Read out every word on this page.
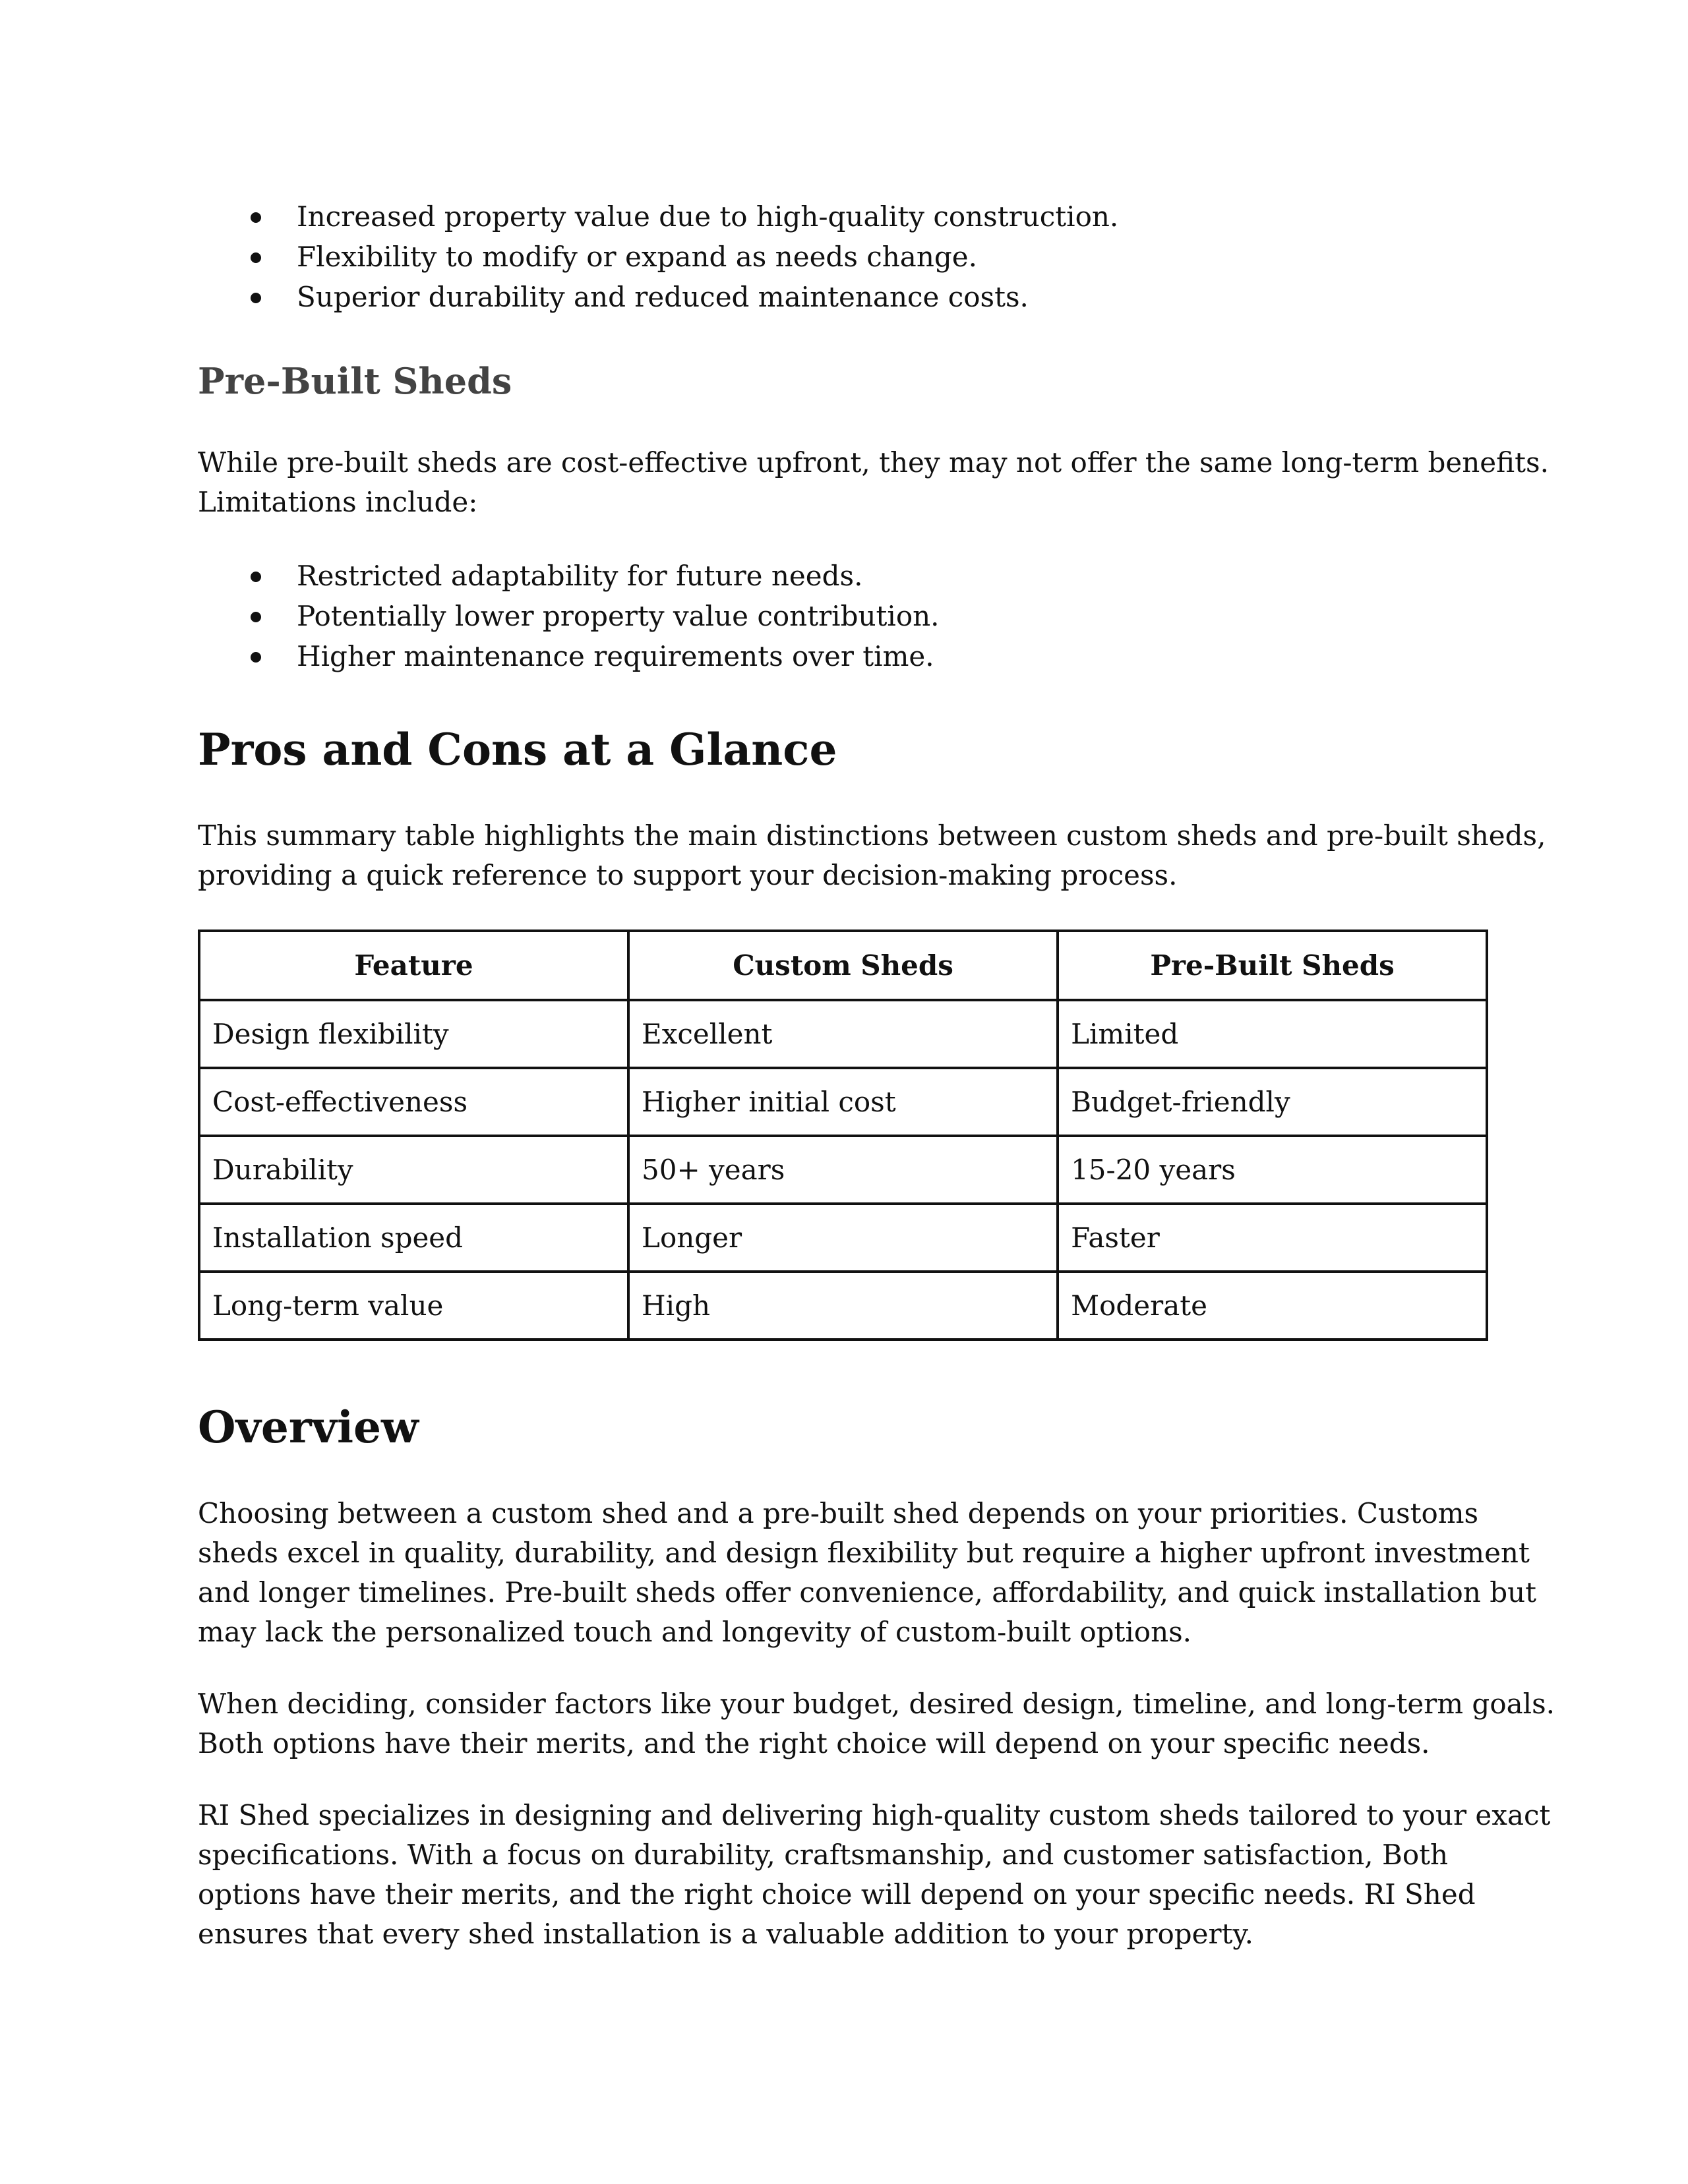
Increased property value due to high-quality construction.
Flexibility to modify or expand as needs change.
Superior durability and reduced maintenance costs.
Pre-Built Sheds

While pre-built sheds are cost-effective upfront, they may not offer the same long-term benefits.
Limitations include:

Restricted adaptability for future needs.
Potentially lower property value contribution.
Higher maintenance requirements over time.
Pros and Cons at a Glance

This summary table highlights the main distinctions between custom sheds and pre-built sheds,
providing a quick reference to support your decision-making process.

Feature	Custom Sheds	Pre-Built Sheds
Design flexibility	Excellent	Limited
Cost-effectiveness	Higher initial cost	Budget-friendly
Durability	50+ years	15-20 years
Installation speed	Longer	Faster
Long-term value	High	Moderate
Overview

Choosing between a custom shed and a pre-built shed depends on your priorities. Customs
sheds excel in quality, durability, and design flexibility but require a higher upfront investment
and longer timelines. Pre-built sheds offer convenience, affordability, and quick installation but
may lack the personalized touch and longevity of custom-built options.

When deciding, consider factors like your budget, desired design, timeline, and long-term goals.
Both options have their merits, and the right choice will depend on your specific needs.

RI Shed specializes in designing and delivering high-quality custom sheds tailored to your exact
specifications. With a focus on durability, craftsmanship, and customer satisfaction, Both
options have their merits, and the right choice will depend on your specific needs. RI Shed
ensures that every shed installation is a valuable addition to your property.
